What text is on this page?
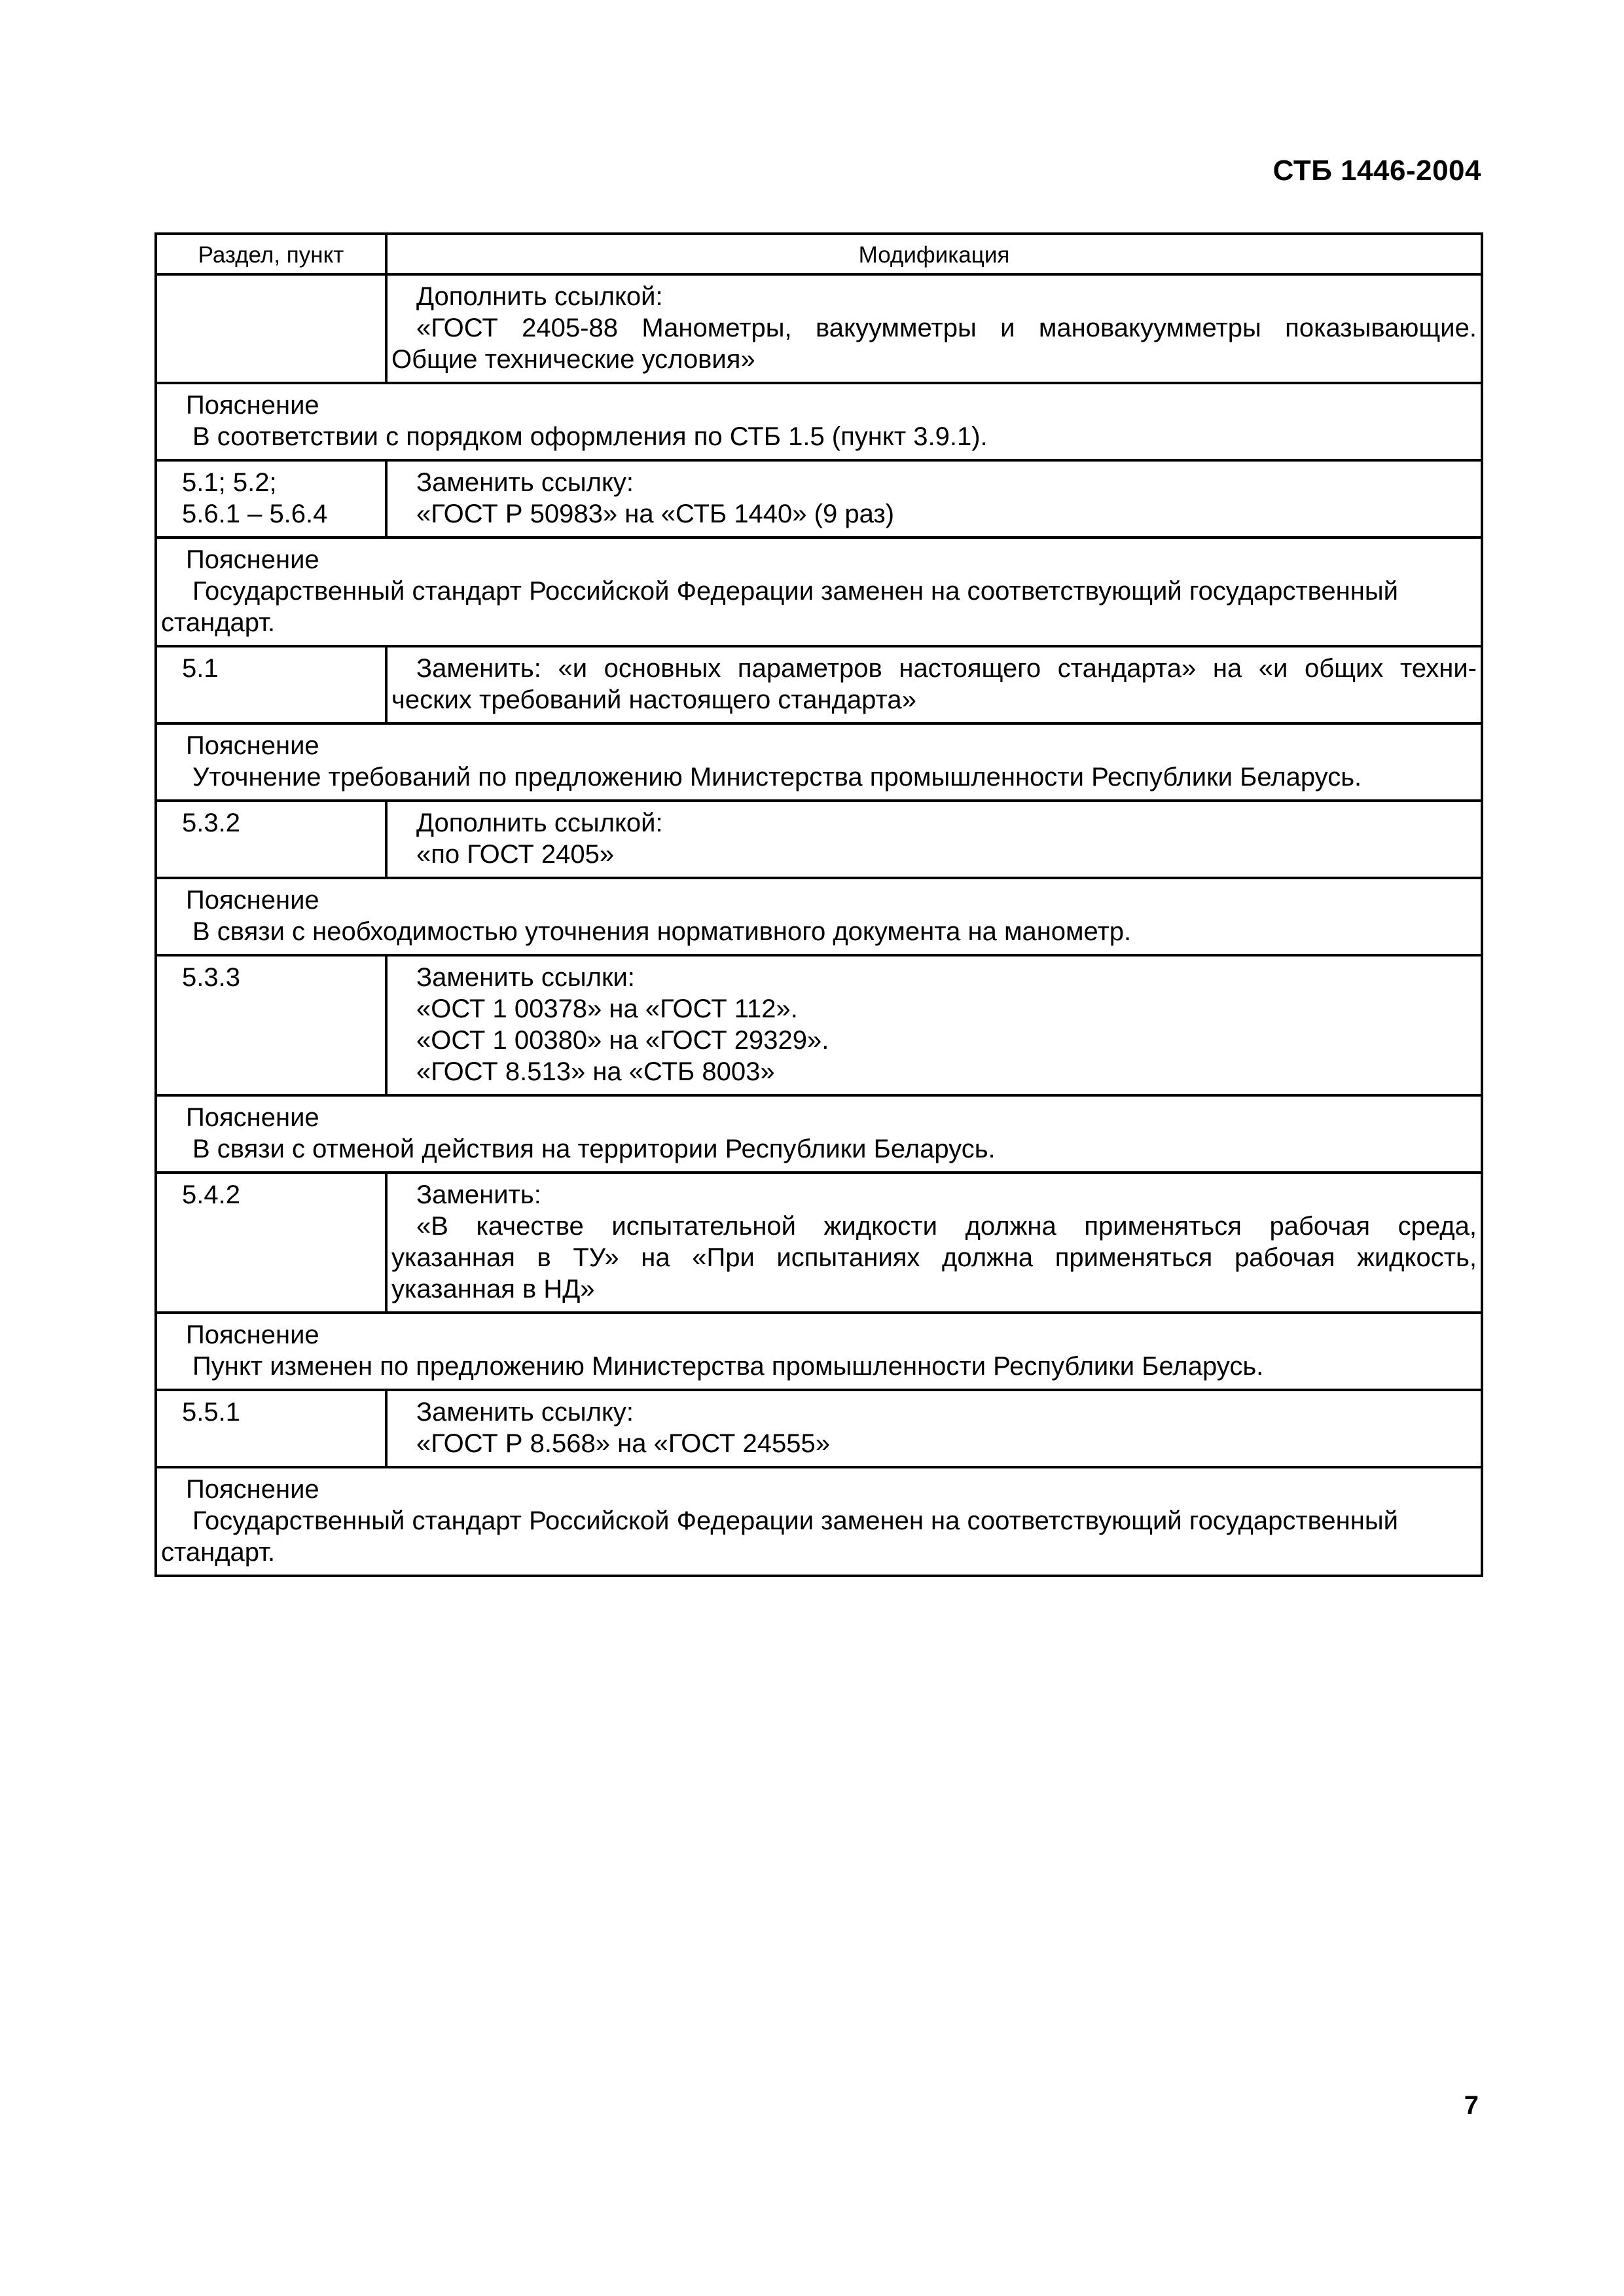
СТБ 1446-2004
Раздел, пункт	Модификация

	Дополнить ссылкой:
«ГОСТ 2405-88 Манометры, вакуумметры и мановакуумметры показывающие.
Общие технические условия»

Пояснение
В соответствии с порядком оформления по СТБ 1.5 (пункт 3.9.1).	

5.1; 5.2;
5.6.1 – 5.6.4	Заменить ссылку:
«ГОСТ Р 50983» на «СТБ 1440» (9 раз)

Пояснение
Государственный стандарт Российской Федерации заменен на соответствующий государственный
стандарт.	

5.1	Заменить: «и основных параметров настоящего стандарта» на «и общих техни-
ческих требований настоящего стандарта»

Пояснение
Уточнение требований по предложению Министерства промышленности Республики Беларусь.	

5.3.2	Дополнить ссылкой:
«по ГОСТ 2405»

Пояснение
В связи с необходимостью уточнения нормативного документа на манометр.	

5.3.3	Заменить ссылки:
«ОСТ 1 00378» на «ГОСТ 112».
«ОСТ 1 00380» на «ГОСТ 29329».
«ГОСТ 8.513» на «СТБ 8003»

Пояснение
В связи с отменой действия на территории Республики Беларусь.	

5.4.2	Заменить:
«В качестве испытательной жидкости должна применяться рабочая среда,
указанная в ТУ» на «При испытаниях должна применяться рабочая жидкость,
указанная в НД»

Пояснение
Пункт изменен по предложению Министерства промышленности Республики Беларусь.	

5.5.1	Заменить ссылку:
«ГОСТ Р 8.568» на «ГОСТ 24555»

Пояснение
Государственный стандарт Российской Федерации заменен на соответствующий государственный
стандарт.	
7
